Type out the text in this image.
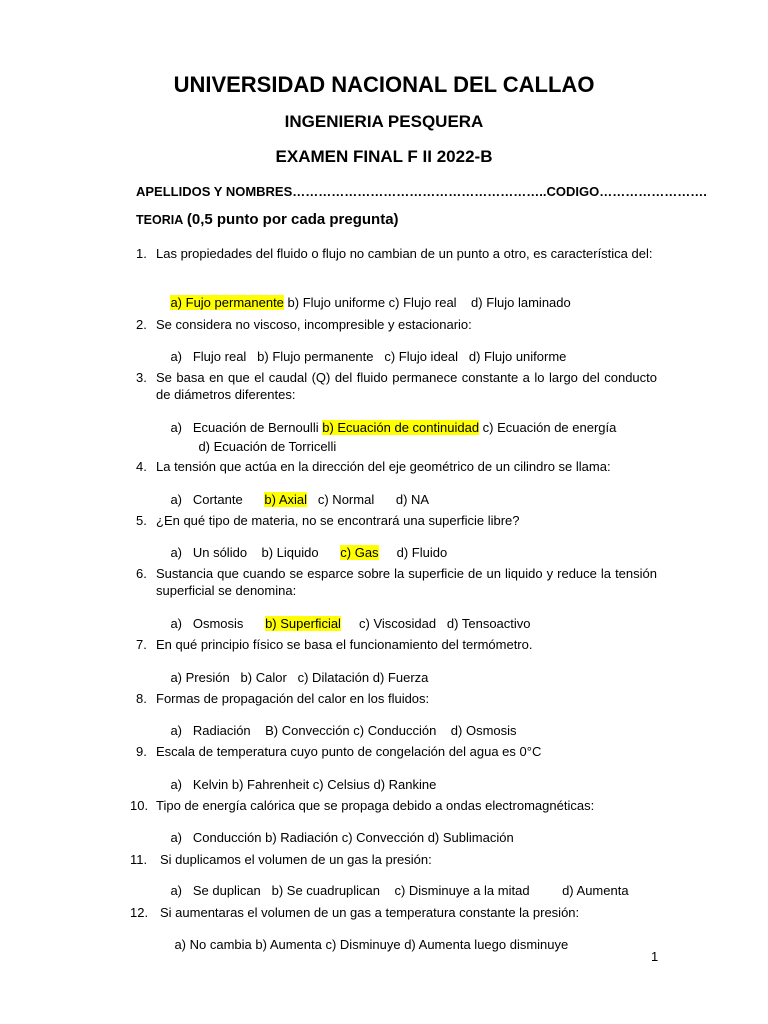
UNIVERSIDAD NACIONAL DEL CALLAO
INGENIERIA PESQUERA
EXAMEN FINAL F II 2022-B
APELLIDOS Y NOMBRES…………………………………………………..CODIGO…………………….
TEORIA (0,5 punto por cada pregunta)
1. Las propiedades del fluido o flujo no cambian de un punto a otro, es característica del:

a) Fujo permanente b) Flujo uniforme c) Flujo real    d) Flujo laminado

2. Se considera no viscoso, incompresible y estacionario:

a)   Flujo real   b) Flujo permanente   c) Flujo ideal   d) Flujo uniforme

3. Se basa en que el caudal (Q) del fluido permanece constante a lo largo del conducto de diámetros diferentes:

a)   Ecuación de Bernoulli b) Ecuación de continuidad c) Ecuación de energía

d) Ecuación de Torricelli

4. La tensión que actúa en la dirección del eje geométrico de un cilindro se llama:

a)   Cortante      b) Axial   c) Normal      d) NA

5. ¿En qué tipo de materia, no se encontrará una superficie libre?

a)   Un sólido    b) Liquido      c) Gas     d) Fluido

6. Sustancia que cuando se esparce sobre la superficie de un liquido y reduce la tensión superficial se denomina:

a)   Osmosis      b) Superficial     c) Viscosidad   d) Tensoactivo

7. En qué principio físico se basa el funcionamiento del termómetro.

a) Presión   b) Calor   c) Dilatación d) Fuerza

8. Formas de propagación del calor en los fluidos:

a)   Radiación    B) Convección c) Conducción    d) Osmosis

9. Escala de temperatura cuyo punto de congelación del agua es 0°C

a)   Kelvin b) Fahrenheit c) Celsius d) Rankine

10. Tipo de energía calórica que se propaga debido a ondas electromagnéticas:

a)   Conducción b) Radiación c) Convección d) Sublimación

11. Si duplicamos el volumen de un gas la presión:

a)   Se duplican   b) Se cuadruplican    c) Disminuye a la mitad         d) Aumenta

12. Si aumentaras el volumen de un gas a temperatura constante la presión:

a) No cambia b) Aumenta c) Disminuye d) Aumenta luego disminuye

1
